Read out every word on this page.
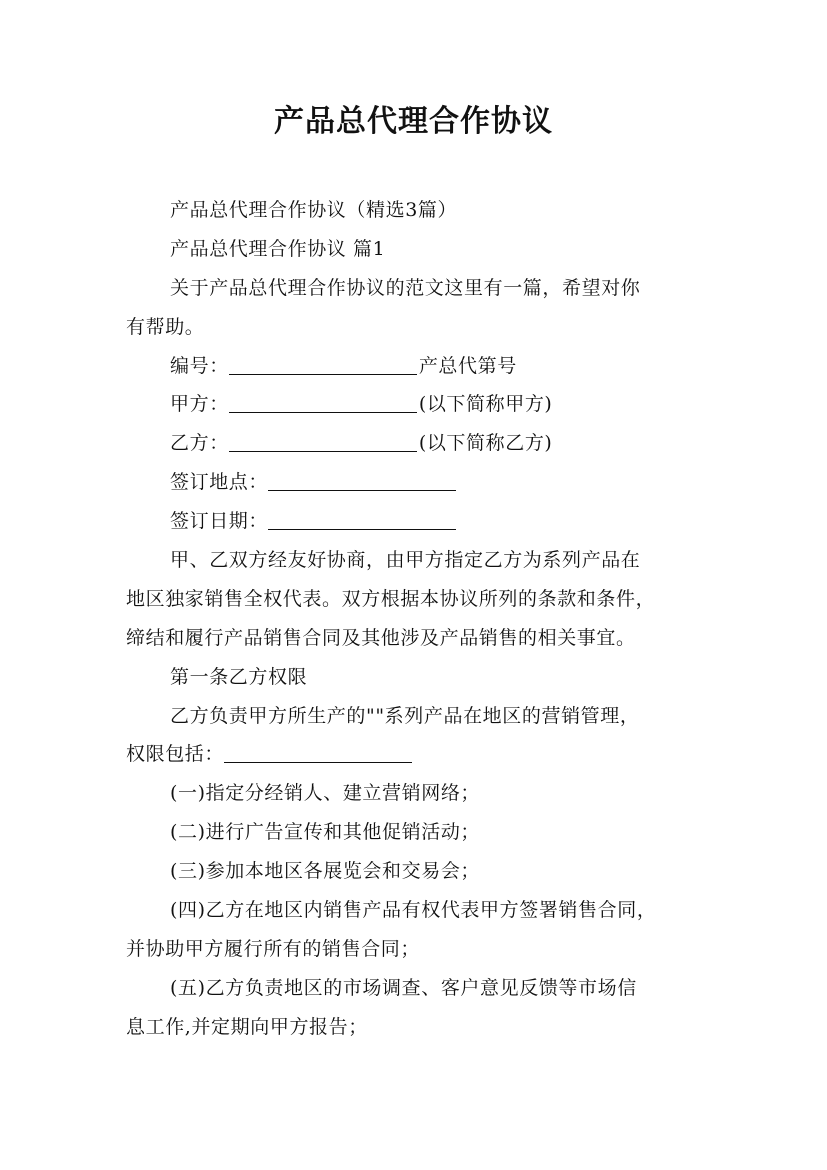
产品总代理合作协议
产品总代理合作协议（精选3篇）
产品总代理合作协议 篇1
关于产品总代理合作协议的范文这里有一篇，希望对你
有帮助。
编号：	产总代第号
甲方：	(以下简称甲方)
乙方：	(以下简称乙方)
签订地点：
签订日期：
甲、乙双方经友好协商，由甲方指定乙方为系列产品在
地区独家销售全权代表。双方根据本协议所列的条款和条件，
缔结和履行产品销售合同及其他涉及产品销售的相关事宜。
第一条乙方权限
乙方负责甲方所生产的""系列产品在地区的营销管理，
权限包括：
(一)指定分经销人、建立营销网络；
(二)进行广告宣传和其他促销活动；
(三)参加本地区各展览会和交易会；
(四)乙方在地区内销售产品有权代表甲方签署销售合同，
并协助甲方履行所有的销售合同；
(五)乙方负责地区的市场调查、客户意见反馈等市场信
息工作,并定期向甲方报告；
